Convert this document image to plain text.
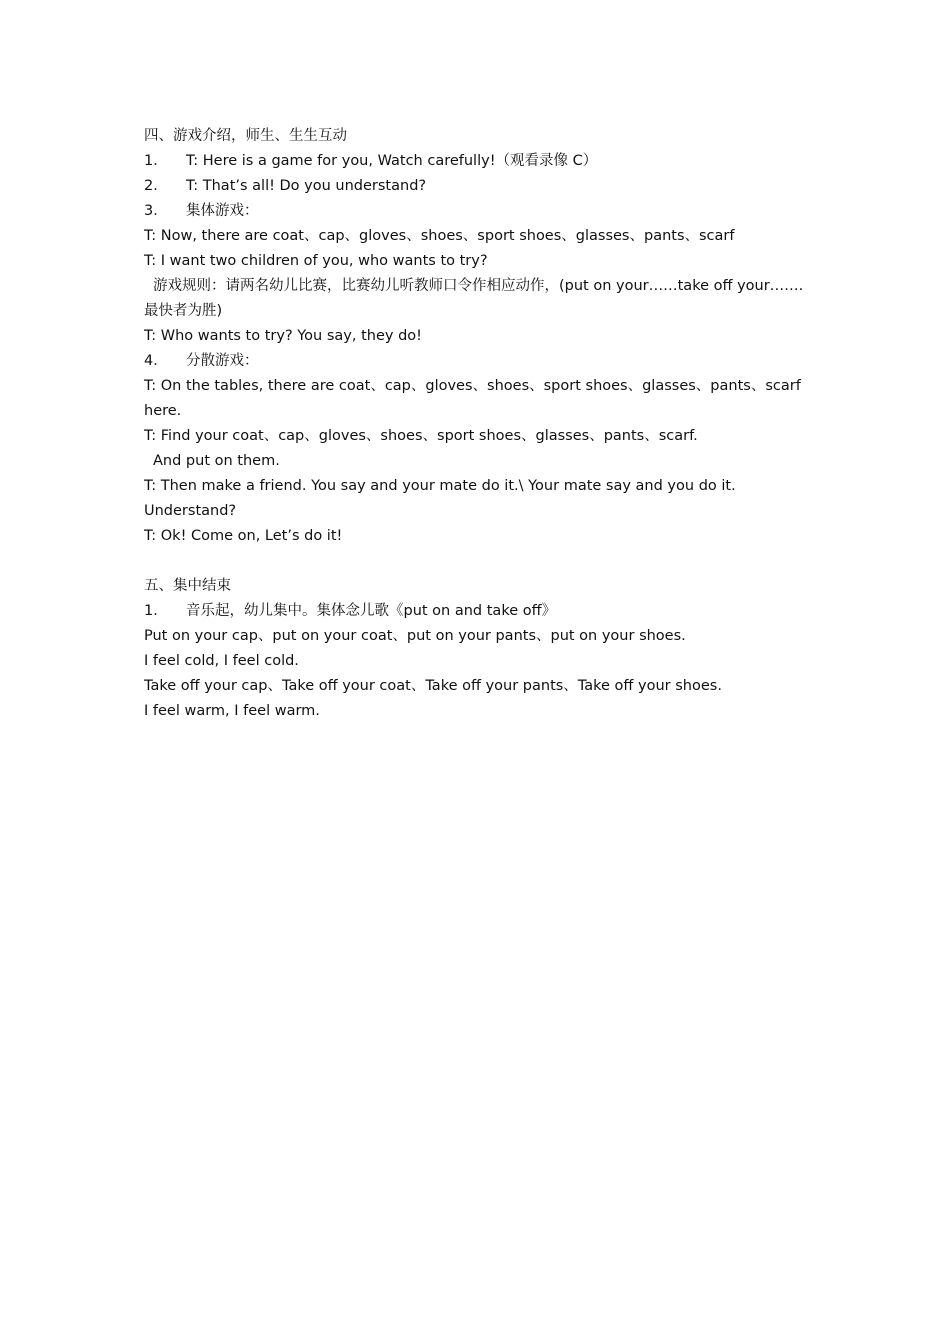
四、游戏介绍，师生、生生互动
1． T: Here is a game for you, Watch carefully!（观看录像 C）
2． T: That’s all! Do you understand?
3． 集体游戏：
T: Now, there are coat、cap、gloves、shoes、sport shoes、glasses、pants、scarf
T: I want two children of you, who wants to try?
游戏规则：请两名幼儿比赛，比赛幼儿听教师口令作相应动作，(put on your……take off your…….
最快者为胜)
T: Who wants to try? You say, they do!
4． 分散游戏：
T: On the tables, there are coat、cap、gloves、shoes、sport shoes、glasses、pants、scarf
here.
T: Find your coat、cap、gloves、shoes、sport shoes、glasses、pants、scarf.
And put on them.
T: Then make a friend. You say and your mate do it.\ Your mate say and you do it.
Understand?
T: Ok! Come on, Let’s do it!
五、集中结束
1． 音乐起，幼儿集中。集体念儿歌《put on and take off》
Put on your cap、put on your coat、put on your pants、put on your shoes.
I feel cold, I feel cold.
Take off your cap、Take off your coat、Take off your pants、Take off your shoes.
I feel warm, I feel warm.
